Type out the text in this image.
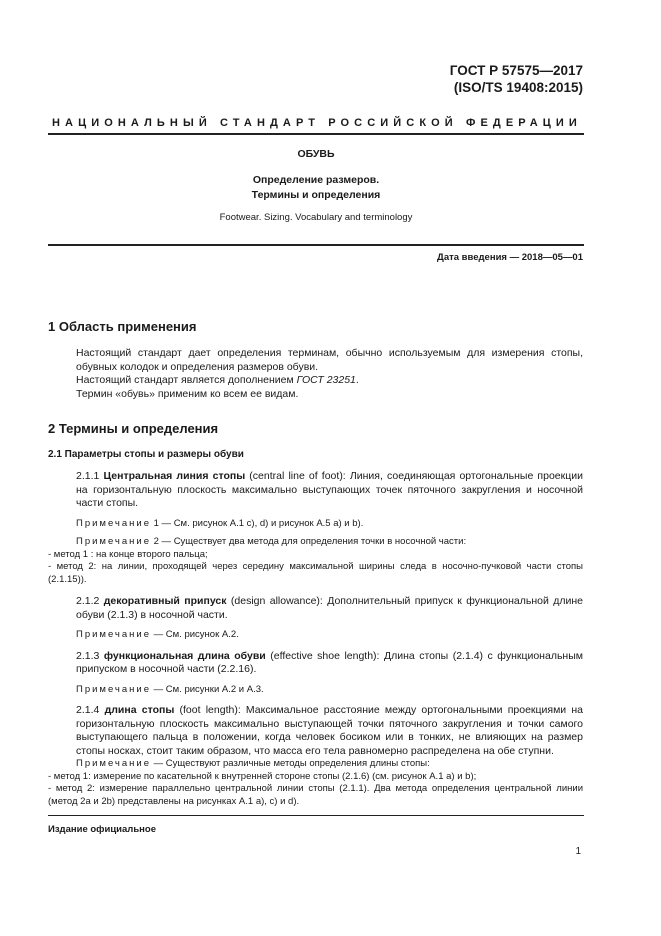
ГОСТ Р 57575—2017
(ISO/TS 19408:2015)
НАЦИОНАЛЬНЫЙ СТАНДАРТ РОССИЙСКОЙ ФЕДЕРАЦИИ
ОБУВЬ
Определение размеров.
Термины и определения
Footwear. Sizing. Vocabulary and terminology
Дата введения — 2018—05—01
1 Область применения

Настоящий стандарт дает определения терминам, обычно используемым для измерения стопы, обувных колодок и определения размеров обуви.

Настоящий стандарт является дополнением ГОСТ 23251.

Термин «обувь» применим ко всем ее видам.

2 Термины и определения
2.1 Параметры стопы и размеры обуви

2.1.1 Центральная линия стопы (central line of foot): Линия, соединяющая ортогональные проекции на горизонтальную плоскость максимально выступающих точек пяточного закругления и носочной части стопы.

Примечание 1 — См. рисунок А.1 c), d) и рисунок А.5 a) и b).

Примечание 2 — Существует два метода для определения точки в носочной части:

- метод 1 : на конце второго пальца;

- метод 2: на линии, проходящей через середину максимальной ширины следа в носочно-пучковой части стопы (2.1.15)).

2.1.2 декоративный припуск (design allowance): Дополнительный припуск к функциональной длине обуви (2.1.3) в носочной части.

Примечание — См. рисунок А.2.

2.1.3 функциональная длина обуви (effective shoe length): Длина стопы (2.1.4) с функциональным припуском в носочной части (2.2.16).

Примечание — См. рисунки А.2 и А.3.

2.1.4 длина стопы (foot length): Максимальное расстояние между ортогональными проекциями на горизонтальную плоскость максимально выступающей точки пяточного закругления и точки самого выступающего пальца в положении, когда человек босиком или в тонких, не влияющих на размер стопы носках, стоит таким образом, что масса его тела равномерно распределена на обе ступни.

Примечание — Существуют различные методы определения длины стопы:

- метод 1: измерение по касательной к внутренней стороне стопы (2.1.6) (см. рисунок А.1 a) и b);

- метод 2: измерение параллельно центральной линии стопы (2.1.1). Два метода определения центральной линии (метод 2a и 2b) представлены на рисунках А.1 a), c) и d).

Издание официальное
1
